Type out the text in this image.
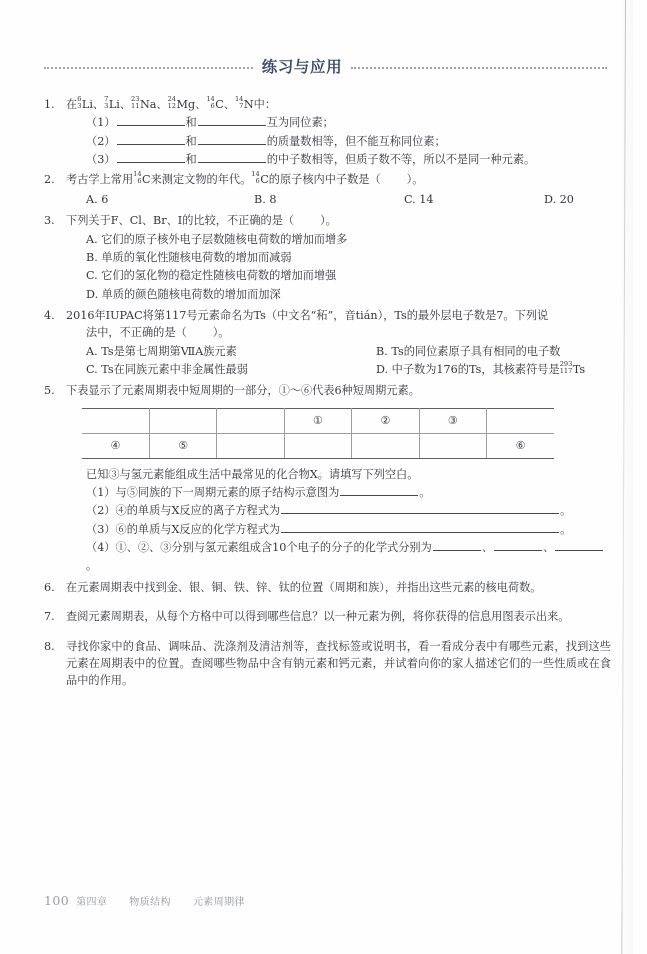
练习与应用
1.	在 6
3 Li、 7
3 Li、 23
11 Na、 24
12 Mg、 14
6 C、 14
7 N中：
（1）	和	互为同位素；
（2）	和	的质量数相等，但不能互称同位素；
（3）	和	的中子数相等，但质子数不等，所以不是同一种元素。
2.	考古学上常用 14
6 C来测定文物的年代。 14
6 C的原子核内中子数是（ ）。
A. 6	B. 8	C. 14	D. 20
3.	下列关于F、Cl、Br、I的比较，不正确的是（ ）。
A. 它们的原子核外电子层数随核电荷数的增加而增多
B. 单质的氧化性随核电荷数的增加而减弱
C. 它们的氢化物的稳定性随核电荷数的增加而增强
D. 单质的颜色随核电荷数的增加而加深
4.	2016年IUPAC将第117号元素命名为Ts（中文名“䄷”，音tián），Ts的最外层电子数是7。下列说
法中，不正确的是（ ）。
A. Ts是第七周期第ⅦA族元素	B. Ts的同位素原子具有相同的电子数
C. Ts在同族元素中非金属性最弱	D. 中子数为176的Ts，其核素符号是 293
117 Ts
5.	下表显示了元素周期表中短周期的一部分，①～⑥代表6种短周期元素。
			①	②	③	
④	⑤					⑥
已知③与氢元素能组成生活中最常见的化合物X。请填写下列空白。
（1）与⑤同族的下一周期元素的原子结构示意图为	。
（2）④的单质与X反应的离子方程式为	。
（3）⑥的单质与X反应的化学方程式为	。
（4）①、②、③分别与氢元素组成含10个电子的分子的化学式分别为	、	、。
6.	在元素周期表中找到金、银、铜、铁、锌、钛的位置（周期和族），并指出这些元素的核电荷数。
7.	查阅元素周期表，从每个方格中可以得到哪些信息？以一种元素为例，将你获得的信息用图表示出来。
8.	寻找你家中的食品、调味品、洗涤剂及清洁剂等，查找标签或说明书，看一看成分表中有哪些元素，找到这些元素在周期表中的位置。查阅哪些物品中含有钠元素和钙元素，并试着向你的家人描述它们的一些性质或在食品中的作用。
100 第四章 物质结构 元素周期律
